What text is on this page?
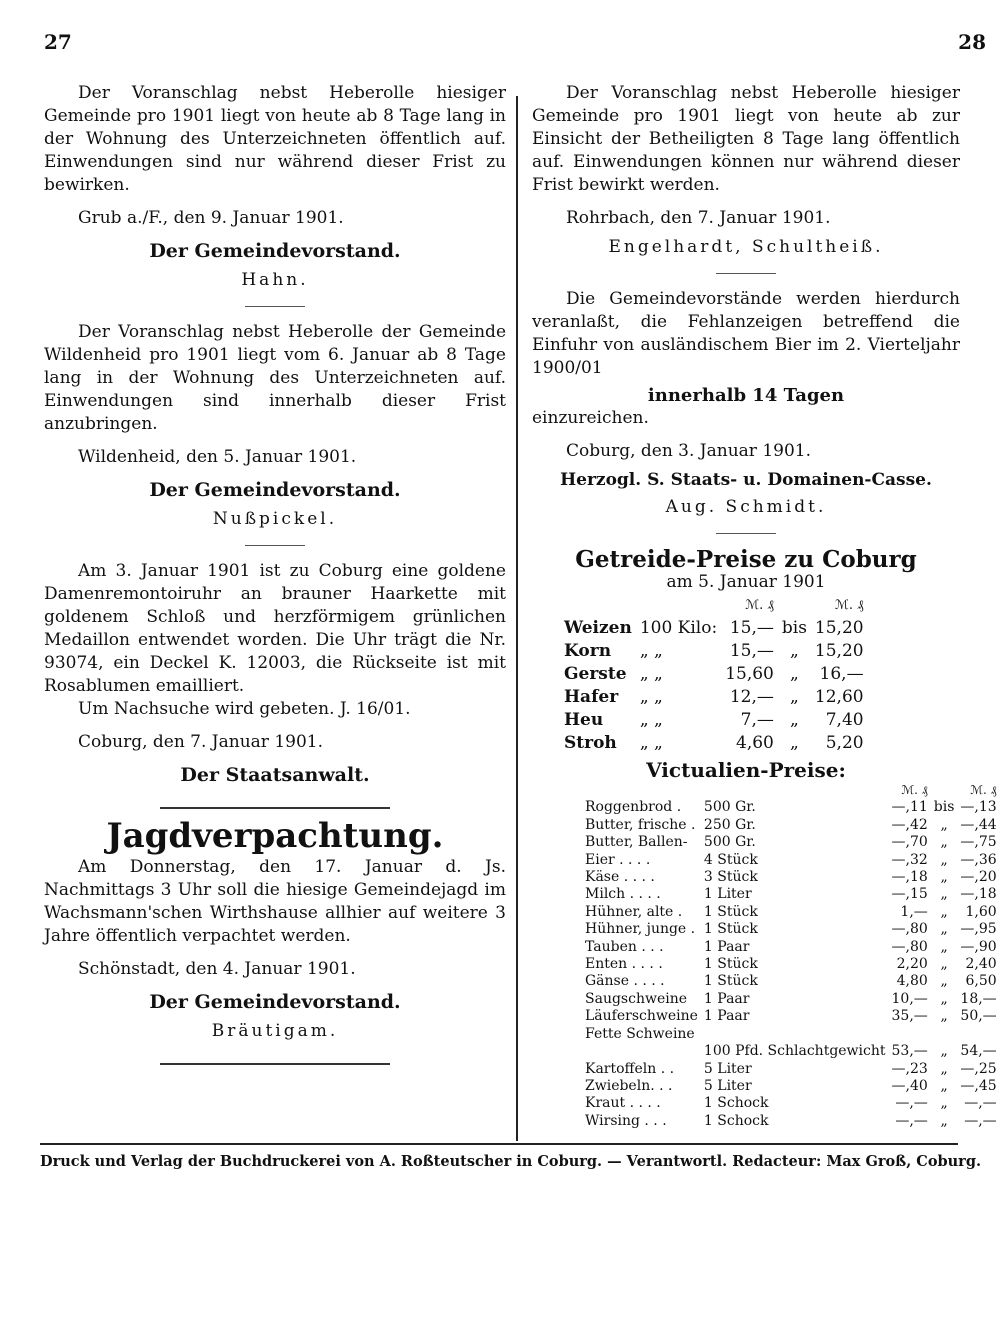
27	28

Der Voranschlag nebst Heberolle hiesiger Gemeinde pro 1901 liegt von heute ab 8 Tage lang in der Wohnung des Unterzeichneten öffentlich auf. Einwendungen sind nur während dieser Frist zu bewirken.

Grub a./F., den 9. Januar 1901.

Der Gemeindevorstand.

Hahn.

Der Voranschlag nebst Heberolle der Gemeinde Wildenheid pro 1901 liegt vom 6. Januar ab 8 Tage lang in der Wohnung des Unterzeichneten auf. Einwendungen sind innerhalb dieser Frist anzubringen.

Wildenheid, den 5. Januar 1901.

Der Gemeindevorstand.

Nußpickel.

Am 3. Januar 1901 ist zu Coburg eine goldene Damenremontoiruhr an brauner Haarkette mit goldenem Schloß und herzförmigem grünlichen Medaillon entwendet worden. Die Uhr trägt die Nr. 93074, ein Deckel K. 12003, die Rückseite ist mit Rosablumen emailliert.

Um Nachsuche wird gebeten. J. 16/01.

Coburg, den 7. Januar 1901.

Der Staatsanwalt.

Jagdverpachtung.

Am Donnerstag, den 17. Januar d. Js. Nachmittags 3 Uhr soll die hiesige Gemeindejagd im Wachsmann'schen Wirthshause allhier auf weitere 3 Jahre öffentlich verpachtet werden.

Schönstadt, den 4. Januar 1901.

Der Gemeindevorstand.

Bräutigam.

Der Voranschlag nebst Heberolle hiesiger Gemeinde pro 1901 liegt von heute ab zur Einsicht der Betheiligten 8 Tage lang öffentlich auf. Einwendungen können nur während dieser Frist bewirkt werden.

Rohrbach, den 7. Januar 1901.

Engelhardt, Schultheiß.

Die Gemeindevorstände werden hierdurch veranlaßt, die Fehlanzeigen betreffend die Einfuhr von ausländischem Bier im 2. Vierteljahr 1900/01

innerhalb 14 Tagen

einzureichen.

Coburg, den 3. Januar 1901.

Herzogl. S. Staats- u. Domainen-Casse.

Aug. Schmidt.

Getreide-Preise zu Coburg

am 5. Januar 1901

		ℳ. ₰		ℳ. ₰
Weizen	100 Kilo:	15,—	bis	15,20
Korn	„ „	15,—	„	15,20
Gerste	„ „	15,60	„	16,—
Hafer	„ „	12,—	„	12,60
Heu	„ „	7,—	„	7,40
Stroh	„ „	4,60	„	5,20
Victualien-Preise:
		ℳ. ₰		ℳ. ₰
Roggenbrod .	500 Gr.	—,11	bis	—,13
Butter, frische .	250 Gr.	—,42	„	—,44
Butter, Ballen-	500 Gr.	—,70	„	—,75
Eier . . . .	4 Stück	—,32	„	—,36
Käse . . . .	3 Stück	—,18	„	—,20
Milch . . . .	1 Liter	—,15	„	—,18
Hühner, alte .	1 Stück	1,—	„	1,60
Hühner, junge .	1 Stück	—,80	„	—,95
Tauben . . .	1 Paar	—,80	„	—,90
Enten . . . .	1 Stück	2,20	„	2,40
Gänse . . . .	1 Stück	4,80	„	6,50
Saugschweine	1 Paar	10,—	„	18,—
Läuferschweine	1 Paar	35,—	„	50,—
Fette Schweine				
	100 Pfd. Schlachtgewicht	53,—	„	54,—
Kartoffeln . .	5 Liter	—,23	„	—,25
Zwiebeln. . .	5 Liter	—,40	„	—,45
Kraut . . . .	1 Schock	—,—	„	—,—
Wirsing . . .	1 Schock	—,—	„	—,—
Druck und Verlag der Buchdruckerei von A. Roßteutscher in Coburg. — Verantwortl. Redacteur: Max Groß, Coburg.
